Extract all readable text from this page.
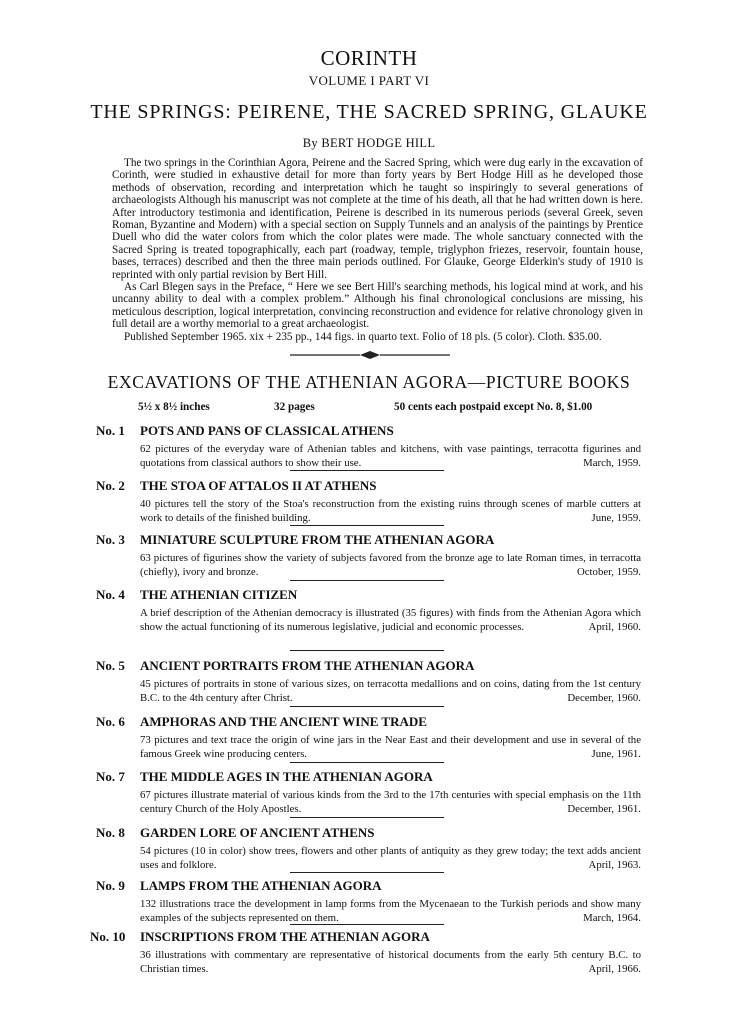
CORINTH
VOLUME I PART VI
THE SPRINGS: PEIRENE, THE SACRED SPRING, GLAUKE
By BERT HODGE HILL

The two springs in the Corinthian Agora, Peirene and the Sacred Spring, which were dug early in the excavation of Corinth, were studied in exhaustive detail for more than forty years by Bert Hodge Hill as he developed those methods of observation, recording and interpretation which he taught so inspiringly to several generations of archaeologists Although his manuscript was not complete at the time of his death, all that he had written down is here. After introductory testimonia and identification, Peirene is described in its numerous periods (several Greek, seven Roman, Byzantine and Modern) with a special section on Supply Tunnels and an analysis of the paintings by Prentice Duell who did the water colors from which the color plates were made. The whole sanctuary connected with the Sacred Spring is treated topographically, each part (roadway, temple, triglyphon friezes, reservoir, fountain house, bases, terraces) described and then the three main periods outlined. For Glauke, George Elderkin's study of 1910 is reprinted with only partial revision by Bert Hill.

As Carl Blegen says in the Preface, “ Here we see Bert Hill's searching methods, his logical mind at work, and his uncanny ability to deal with a complex problem.” Although his final chronological conclusions are missing, his meticulous description, logical interpretation, convincing reconstruction and evidence for relative chronology given in full detail are a worthy memorial to a great archaeologist.

Published September 1965. xix + 235 pp., 144 figs. in quarto text. Folio of 18 pls. (5 color). Cloth. $35.00.

EXCAVATIONS OF THE ATHENIAN AGORA—PICTURE BOOKS
5½ x 8½ inches	32 pages	50 cents each postpaid except No. 8, $1.00
No. 1 POTS AND PANS OF CLASSICAL ATHENS
62 pictures of the everyday ware of Athenian tables and kitchens, with vase paintings, terracotta figurines and quotations from classical authors to show their use.	March, 1959.
No. 2 THE STOA OF ATTALOS II AT ATHENS
40 pictures tell the story of the Stoa's reconstruction from the existing ruins through scenes of marble cutters at work to details of the finished building.	June, 1959.
No. 3 MINIATURE SCULPTURE FROM THE ATHENIAN AGORA
63 pictures of figurines show the variety of subjects favored from the bronze age to late Roman times, in terracotta (chiefly), ivory and bronze.	October, 1959.
No. 4 THE ATHENIAN CITIZEN
A brief description of the Athenian democracy is illustrated (35 figures) with finds from the Athenian Agora which show the actual functioning of its numerous legislative, judicial and economic processes.	April, 1960.
No. 5 ANCIENT PORTRAITS FROM THE ATHENIAN AGORA
45 pictures of portraits in stone of various sizes, on terracotta medallions and on coins, dating from the 1st century B.C. to the 4th century after Christ.	December, 1960.
No. 6 AMPHORAS AND THE ANCIENT WINE TRADE
73 pictures and text trace the origin of wine jars in the Near East and their development and use in several of the famous Greek wine producing centers.	June, 1961.
No. 7 THE MIDDLE AGES IN THE ATHENIAN AGORA
67 pictures illustrate material of various kinds from the 3rd to the 17th centuries with special emphasis on the 11th century Church of the Holy Apostles.	December, 1961.
No. 8 GARDEN LORE OF ANCIENT ATHENS
54 pictures (10 in color) show trees, flowers and other plants of antiquity as they grew today; the text adds ancient uses and folklore.	April, 1963.
No. 9 LAMPS FROM THE ATHENIAN AGORA
132 illustrations trace the development in lamp forms from the Mycenaean to the Turkish periods and show many examples of the subjects represented on them.	March, 1964.
No. 10 INSCRIPTIONS FROM THE ATHENIAN AGORA
36 illustrations with commentary are representative of historical documents from the early 5th century B.C. to Christian times.	April, 1966.
